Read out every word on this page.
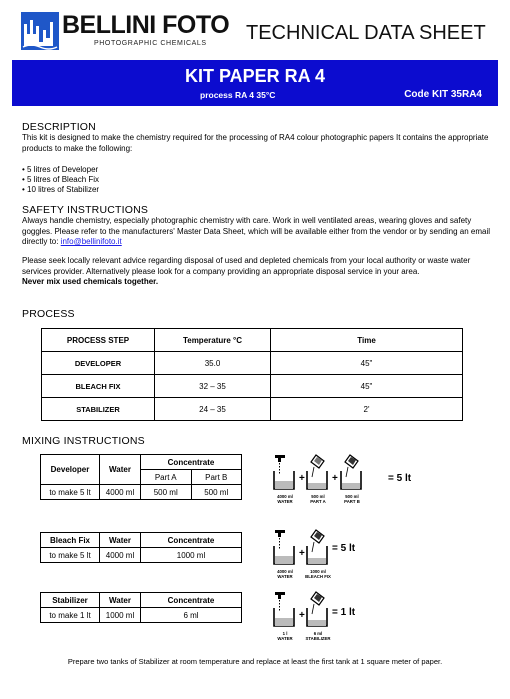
BELLINI FOTO
PHOTOGRAPHIC CHEMICALS TECHNICAL DATA SHEET
KIT PAPER RA 4
process RA 4 35°C	Code KIT 35RA4
DESCRIPTION
This kit is designed to make the chemistry required for the processing of RA4 colour photographic papers It contains the appropriate products to make the following:
• 5 litres of Developer
• 5 litres of Bleach Fix
• 10 litres of Stabilizer
SAFETY INSTRUCTIONS
Always handle chemistry, especially photographic chemistry with care. Work in well ventilated areas, wearing gloves and safety goggles. Please refer to the manufacturers' Master Data Sheet, which will be available either from the vendor or by sending an email directly to: info@bellinifoto.it
Please seek locally relevant advice regarding disposal of used and depleted chemicals from your local authority or waste water services provider. Alternatively please look for a company providing an appropriate disposal service in your area.
Never mix used chemicals together.
PROCESS
PROCESS STEP	Temperature °C	Time
DEVELOPER	35.0	45"
BLEACH FIX	32 – 35	45"
STABILIZER	24 – 35	2'
MIXING INSTRUCTIONS
Developer	Water	Concentrate	
		Part A	Part B
to make 5 lt	4000 ml	500 ml	500 ml
Bleach Fix	Water	Concentrate
to make 5 lt	4000 ml	1000 ml
Stabilizer	Water	Concentrate
to make 1 lt	1000 ml	6 ml
+	+
4000 ml
WATER
500 ml
PART A
500 ml
PART B
= 5 lt
+
4000 ml
WATER
1000 ml
BLEACH FIX
= 5 lt
+
1 l
WATER
6 ml
STABILIZER
= 1 lt
Prepare two tanks of Stabilizer at room temperature and replace at least the first tank at 1 square meter of paper.
